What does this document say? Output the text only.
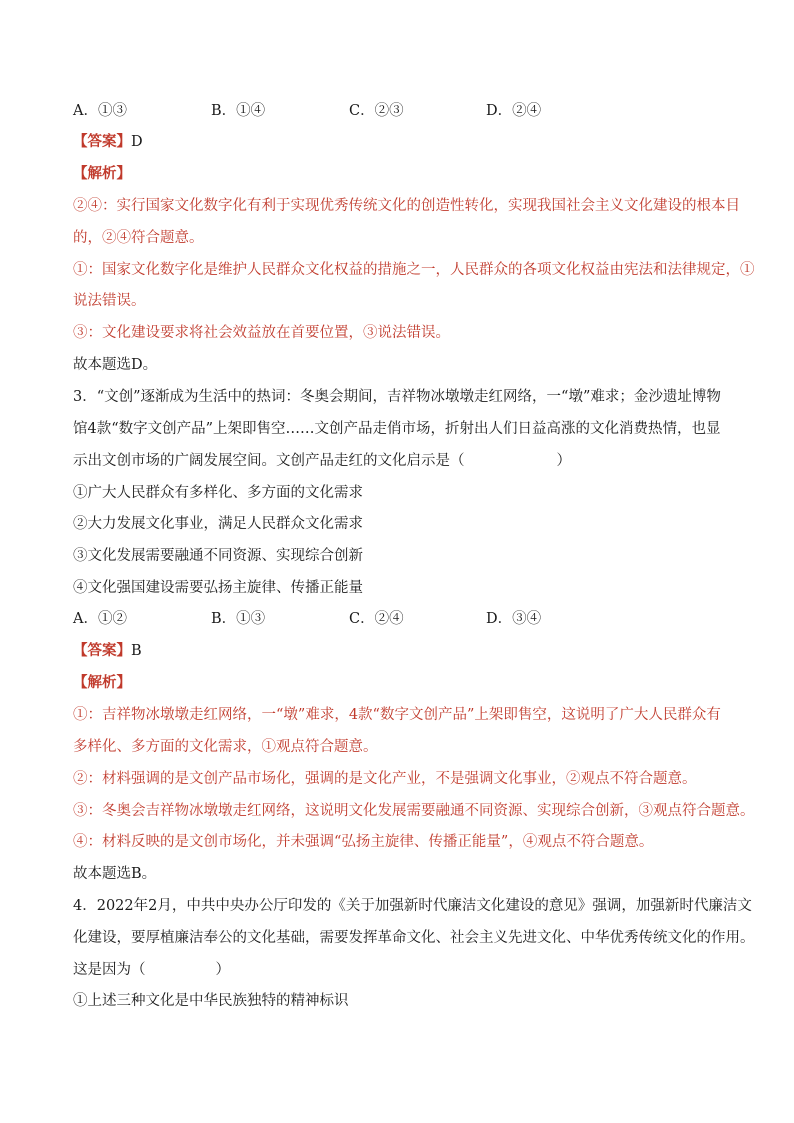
A．①③	B．①④	C．②③	D．②④
【答案】D
【解析】
②④：实行国家文化数字化有利于实现优秀传统文化的创造性转化，实现我国社会主义文化建设的根本目
的，②④符合题意。
①：国家文化数字化是维护人民群众文化权益的措施之一，人民群众的各项文化权益由宪法和法律规定，①
说法错误。
③：文化建设要求将社会效益放在首要位置，③说法错误。
故本题选D。
3．“文创”逐渐成为生活中的热词：冬奥会期间，吉祥物冰墩墩走红网络，一“墩”难求；金沙遗址博物
馆4款“数字文创产品”上架即售空……文创产品走俏市场，折射出人们日益高涨的文化消费热情，也显
示出文创市场的广阔发展空间。文创产品走红的文化启示是（	）
①广大人民群众有多样化、多方面的文化需求
②大力发展文化事业，满足人民群众文化需求
③文化发展需要融通不同资源、实现综合创新
④文化强国建设需要弘扬主旋律、传播正能量
A．①②	B．①③	C．②④	D．③④
【答案】B
【解析】
①：吉祥物冰墩墩走红网络，一“墩”难求，4款“数字文创产品”上架即售空，这说明了广大人民群众有
多样化、多方面的文化需求，①观点符合题意。
②：材料强调的是文创产品市场化，强调的是文化产业，不是强调文化事业，②观点不符合题意。
③：冬奥会吉祥物冰墩墩走红网络，这说明文化发展需要融通不同资源、实现综合创新，③观点符合题意。
④：材料反映的是文创市场化，并未强调“弘扬主旋律、传播正能量”，④观点不符合题意。
故本题选B。
4．2022年2月，中共中央办公厅印发的《关于加强新时代廉洁文化建设的意见》强调，加强新时代廉洁文
化建设，要厚植廉洁奉公的文化基础，需要发挥革命文化、社会主义先进文化、中华优秀传统文化的作用。
这是因为（	）
①上述三种文化是中华民族独特的精神标识
